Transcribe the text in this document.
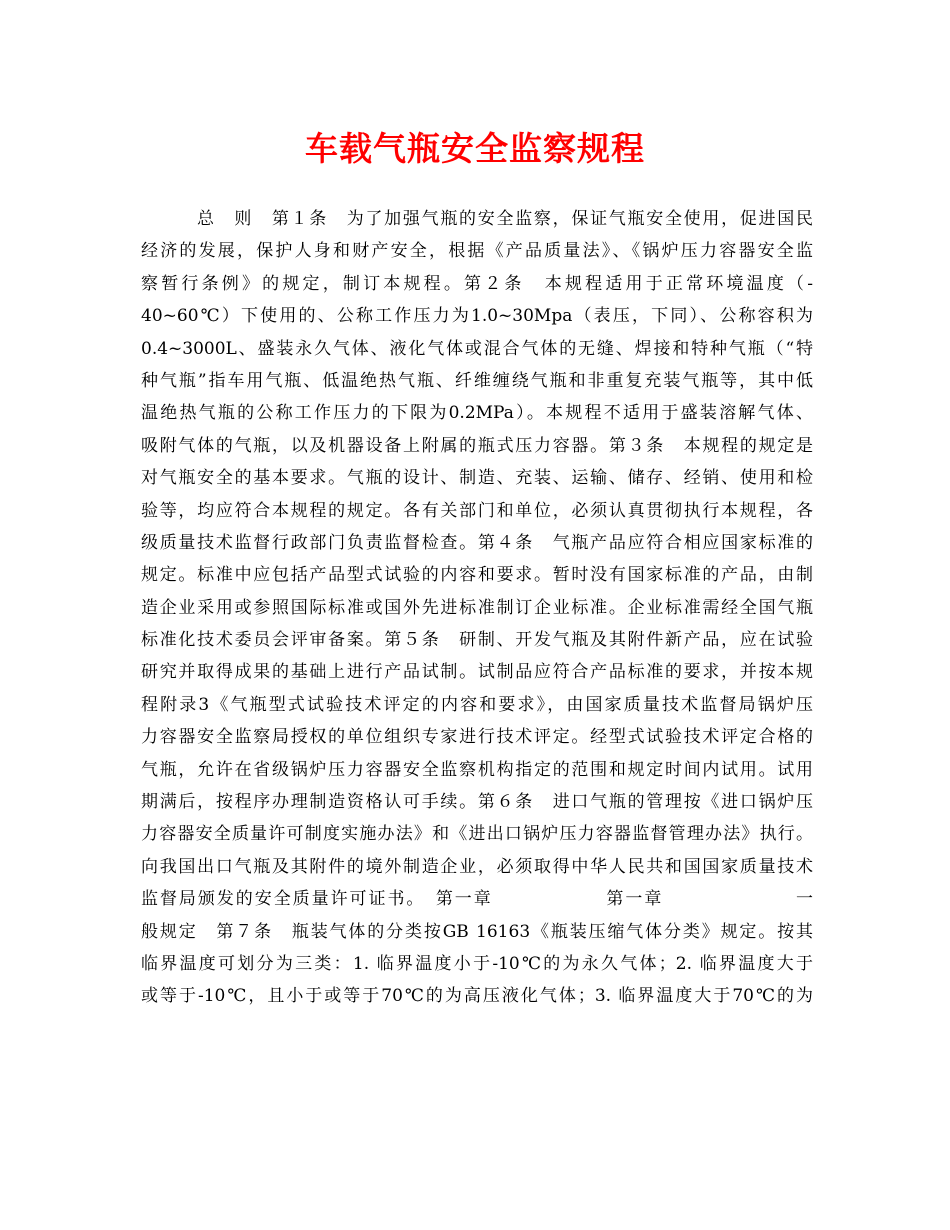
车载气瓶安全监察规程
总　则　第１条　为了加强气瓶的安全监察，保证气瓶安全使用，促进国民
经济的发展，保护人身和财产安全，根据《产品质量法》、《锅炉压力容器安全监
察暂行条例》的规定，制订本规程。第２条　本规程适用于正常环境温度（-
40~60℃）下使用的、公称工作压力为1.0~30Mpa（表压，下同）、公称容积为
0.4~3000L、盛装永久气体、液化气体或混合气体的无缝、焊接和特种气瓶（“特
种气瓶”指车用气瓶、低温绝热气瓶、纤维缠绕气瓶和非重复充装气瓶等，其中低
温绝热气瓶的公称工作压力的下限为0.2MPa）。本规程不适用于盛装溶解气体、
吸附气体的气瓶，以及机器设备上附属的瓶式压力容器。第３条　本规程的规定是
对气瓶安全的基本要求。气瓶的设计、制造、充装、运输、储存、经销、使用和检
验等，均应符合本规程的规定。各有关部门和单位，必须认真贯彻执行本规程，各
级质量技术监督行政部门负责监督检查。第４条　气瓶产品应符合相应国家标准的
规定。标准中应包括产品型式试验的内容和要求。暂时没有国家标准的产品，由制
造企业采用或参照国际标准或国外先进标准制订企业标准。企业标准需经全国气瓶
标准化技术委员会评审备案。第５条　研制、开发气瓶及其附件新产品，应在试验
研究并取得成果的基础上进行产品试制。试制品应符合产品标准的要求，并按本规
程附录3《气瓶型式试验技术评定的内容和要求》，由国家质量技术监督局锅炉压
力容器安全监察局授权的单位组织专家进行技术评定。经型式试验技术评定合格的
气瓶，允许在省级锅炉压力容器安全监察机构指定的范围和规定时间内试用。试用
期满后，按程序办理制造资格认可手续。第６条　进口气瓶的管理按《进口锅炉压
力容器安全质量许可制度实施办法》和《进出口锅炉压力容器监督管理办法》执行。
向我国出口气瓶及其附件的境外制造企业，必须取得中华人民共和国国家质量技术
监督局颁发的安全质量许可证书。　第一章　　　　　　第一章　　　　　　　一
般规定　第７条　瓶装气体的分类按GB 16163《瓶装压缩气体分类》规定。按其
临界温度可划分为三类：1. 临界温度小于-10℃的为永久气体；2. 临界温度大于
或等于-10℃，且小于或等于70℃的为高压液化气体；3. 临界温度大于70℃的为
